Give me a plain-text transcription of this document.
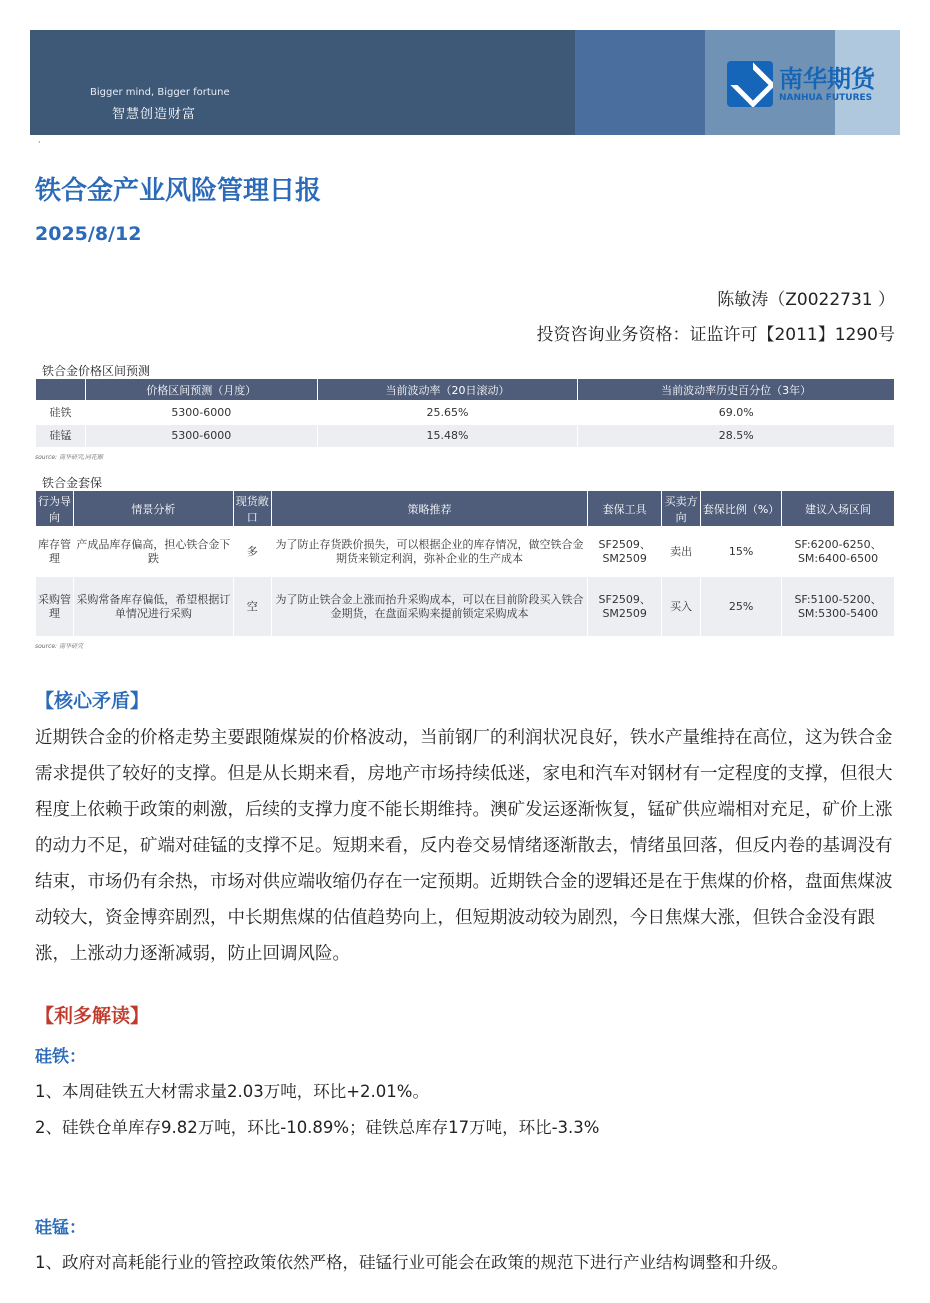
Bigger mind, Bigger fortune
智慧创造财富
南华期货
NANHUA FUTURES
·
铁合金产业风险管理日报
2025/8/12
陈敏涛（Z0022731 ）
投资咨询业务资格：证监许可【2011】1290号
铁合金价格区间预测
	价格区间预测（月度）	当前波动率（20日滚动）	当前波动率历史百分位（3年）
硅铁	5300-6000	25.65%	69.0%
硅锰	5300-6000	15.48%	28.5%
source: 南华研究,同花顺
铁合金套保
行为导向	情景分析	现货敞口	策略推荐	套保工具	买卖方向	套保比例（%）	建议入场区间
库存管理	产成品库存偏高，担心铁合金下跌	多	为了防止存货跌价损失，可以根据企业的库存情况，做空铁合金期货来锁定利润，弥补企业的生产成本	SF2509、SM2509	卖出	15%	SF:6200-6250、SM:6400-6500
采购管理	采购常备库存偏低，希望根据订单情况进行采购	空	为了防止铁合金上涨而抬升采购成本，可以在目前阶段买入铁合金期货，在盘面采购来提前锁定采购成本	SF2509、SM2509	买入	25%	SF:5100-5200、SM:5300-5400
source: 南华研究
【核心矛盾】
近期铁合金的价格走势主要跟随煤炭的价格波动，当前钢厂的利润状况良好，铁水产量维持在高位，这为铁合金需求提供了较好的支撑。但是从长期来看，房地产市场持续低迷，家电和汽车对钢材有一定程度的支撑，但很大程度上依赖于政策的刺激，后续的支撑力度不能长期维持。澳矿发运逐渐恢复，锰矿供应端相对充足，矿价上涨的动力不足，矿端对硅锰的支撑不足。短期来看，反内卷交易情绪逐渐散去，情绪虽回落，但反内卷的基调没有结束，市场仍有余热，市场对供应端收缩仍存在一定预期。近期铁合金的逻辑还是在于焦煤的价格，盘面焦煤波动较大，资金博弈剧烈，中长期焦煤的估值趋势向上，但短期波动较为剧烈，今日焦煤大涨，但铁合金没有跟涨，上涨动力逐渐减弱，防止回调风险。
【利多解读】
硅铁：
1、本周硅铁五大材需求量2.03万吨，环比+2.01%。
2、硅铁仓单库存9.82万吨，环比-10.89%；硅铁总库存17万吨，环比-3.3%
硅锰：
1、政府对高耗能行业的管控政策依然严格，硅锰行业可能会在政策的规范下进行产业结构调整和升级。
